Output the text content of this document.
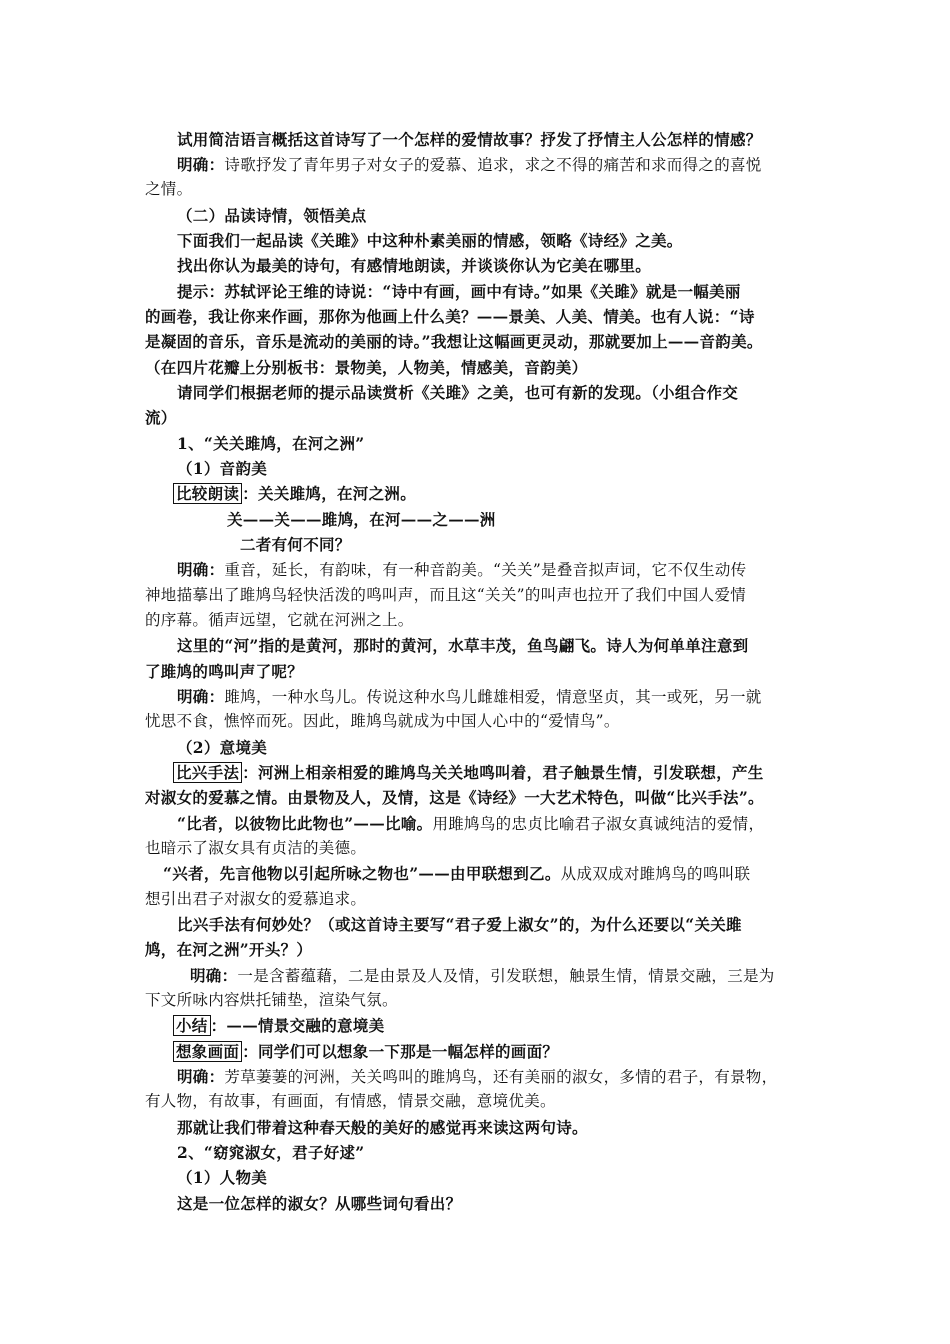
试用简洁语言概括这首诗写了一个怎样的爱情故事？抒发了抒情主人公怎样的情感？
明确：诗歌抒发了青年男子对女子的爱慕、追求，求之不得的痛苦和求而得之的喜悦
之情。
（二）品读诗情，领悟美点
下面我们一起品读《关雎》中这种朴素美丽的情感，领略《诗经》之美。
找出你认为最美的诗句，有感情地朗读，并谈谈你认为它美在哪里。
提示：苏轼评论王维的诗说：“诗中有画，画中有诗。”如果《关雎》就是一幅美丽
的画卷，我让你来作画，那你为他画上什么美？——景美、人美、情美。也有人说：“诗
是凝固的音乐，音乐是流动的美丽的诗。”我想让这幅画更灵动，那就要加上——音韵美。
（在四片花瓣上分别板书：景物美，人物美，情感美，音韵美）
请同学们根据老师的提示品读赏析《关雎》之美，也可有新的发现。（小组合作交
流）
1、“关关雎鸠，在河之洲”
（1）音韵美
比较朗读 ：关关雎鸠，在河之洲。
关——关——雎鸠，在河——之——洲
二者有何不同？
明确：重音，延长，有韵味，有一种音韵美。“关关”是叠音拟声词，它不仅生动传
神地描摹出了雎鸠鸟轻快活泼的鸣叫声，而且这“关关”的叫声也拉开了我们中国人爱情
的序幕。循声远望，它就在河洲之上。
这里的“河”指的是黄河，那时的黄河，水草丰茂，鱼鸟翩飞。诗人为何单单注意到
了雎鸠的鸣叫声了呢？
明确：雎鸠，一种水鸟儿。传说这种水鸟儿雌雄相爱，情意坚贞，其一或死，另一就
忧思不食，憔悴而死。因此，雎鸠鸟就成为中国人心中的“爱情鸟”。
（2）意境美
比兴手法 ：河洲上相亲相爱的雎鸠鸟关关地鸣叫着，君子触景生情，引发联想，产生
对淑女的爱慕之情。由景物及人，及情，这是《诗经》一大艺术特色，叫做“比兴手法”。
“比者，以彼物比此物也”——比喻。用雎鸠鸟的忠贞比喻君子淑女真诚纯洁的爱情，
也暗示了淑女具有贞洁的美德。
“兴者，先言他物以引起所咏之物也”——由甲联想到乙。从成双成对雎鸠鸟的鸣叫联
想引出君子对淑女的爱慕追求。
比兴手法有何妙处？（或这首诗主要写“君子爱上淑女”的，为什么还要以“关关雎
鸠，在河之洲”开头？）
明确：一是含蓄蕴藉，二是由景及人及情，引发联想，触景生情，情景交融，三是为
下文所咏内容烘托铺垫，渲染气氛。
小结 ：——情景交融的意境美
想象画面 ：同学们可以想象一下那是一幅怎样的画面？
明确：芳草萋萋的河洲，关关鸣叫的雎鸠鸟，还有美丽的淑女，多情的君子，有景物，
有人物，有故事，有画面，有情感，情景交融，意境优美。
那就让我们带着这种春天般的美好的感觉再来读这两句诗。
2、“窈窕淑女，君子好逑”
（1）人物美
这是一位怎样的淑女？从哪些词句看出？
